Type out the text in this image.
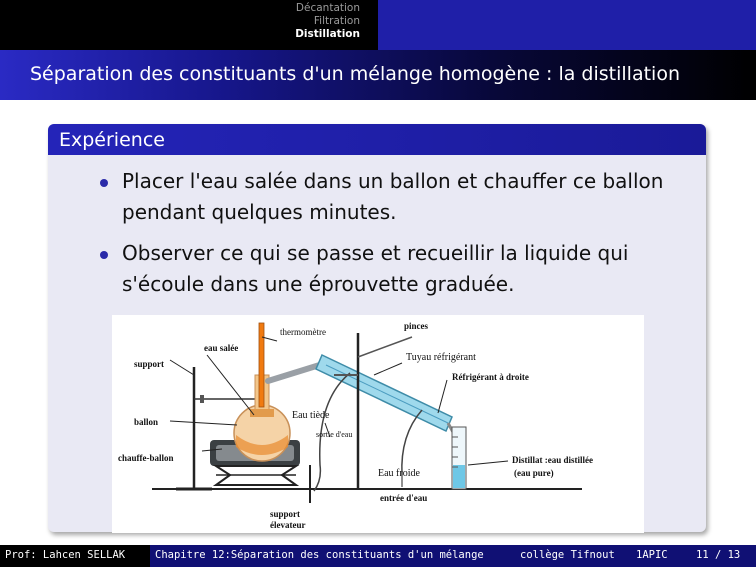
Décantation
Filtration
Distillation
Séparation des constituants d'un mélange homogène : la distillation
Expérience
Placer l'eau salée dans un ballon et chauffer ce ballon pendant quelques minutes.
Observer ce qui se passe et recueillir la liquide qui s'écoule dans une éprouvette graduée.
thermomètre
pinces
eau salée
support
Tuyau réfrigérant
Réfrigérant à droite
ballon
Eau tiède
sortie d'eau
chauffe-ballon	Distillat :eau distillée
(eau pure)
Eau froide
entrée d'eau
support
élevateur
Prof: Lahcen SELLAK	Chapitre 12:Séparation des constituants d'un mélange	collège Tifnout 1APIC	11 / 13
